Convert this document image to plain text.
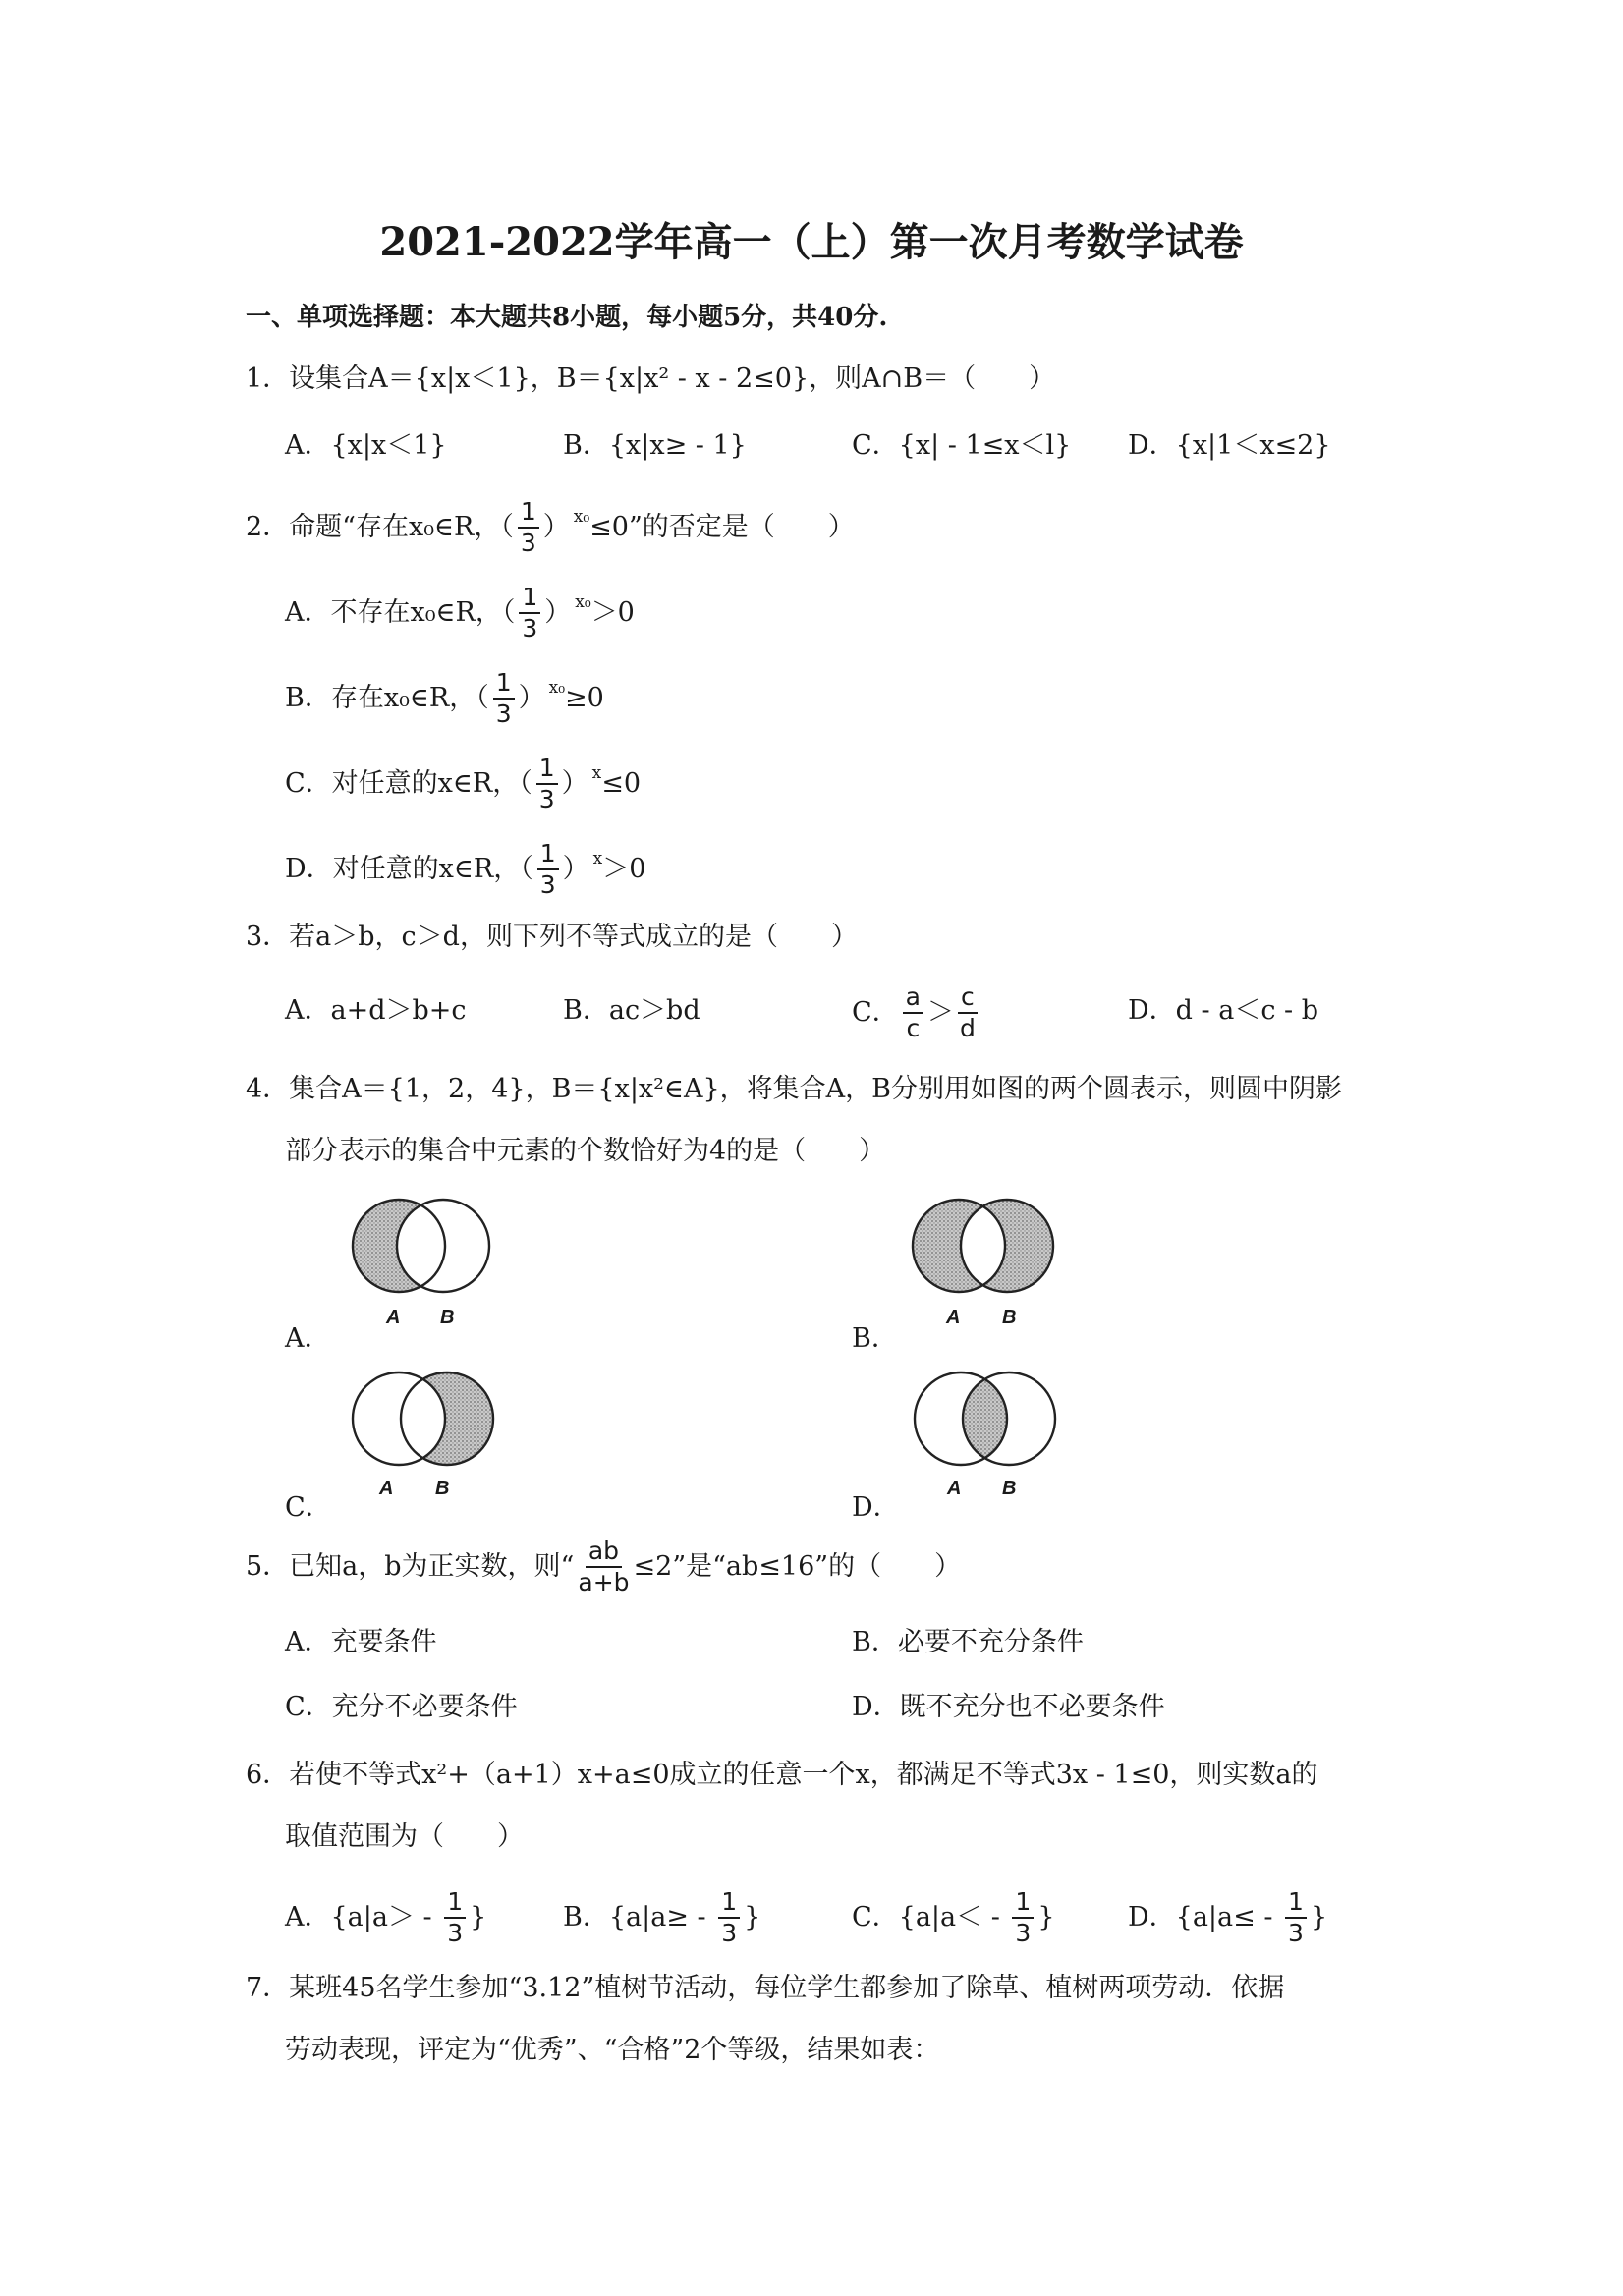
2021-2022学年高一（上）第一次月考数学试卷
一、单项选择题：本大题共8小题，每小题5分，共40分.
1．设集合A＝{x|x＜1}，B＝{x|x² - x - 2≤0}，则A∩B＝（　　）
A．{x|x＜1}	B．{x|x≥ - 1}	C．{x| - 1≤x＜l} D．{x|1＜x≤2}
2．命题“存在x₀∈R，（ $\frac{1}{3}$ ） $^{x_0}$≤0”的否定是（　　）
A．不存在x₀∈R，（ $\frac{1}{3}$ ） $^{x_0}$＞0
B．存在x₀∈R，（ $\frac{1}{3}$ ） $^{x_0}$≥0
C．对任意的x∈R，（ $\frac{1}{3}$ ） $^x$≤0
D．对任意的x∈R，（ $\frac{1}{3}$ ） $^x$＞0
3．若a＞b，c＞d，则下列不等式成立的是（　　）
A．a+d＞b+c	B．ac＞bd	C． $\frac{a}{c} > \frac{c}{d}$	D．d - a＜c - b
4．集合A＝{1，2，4}，B＝{x|x²∈A}，将集合A，B分别用如图的两个圆表示，则圆中阴影
部分表示的集合中元素的个数恰好为4的是（　　）
A．
A B
B．
A B
C．
A B
D．
A B
5．已知a，b为正实数，则“ $\frac{ab}{a+b} \le 2$”是“ab≤16”的（　　）
A．充要条件	B．必要不充分条件
C．充分不必要条件	D．既不充分也不必要条件
6．若使不等式x²+（a+1）x+a≤0成立的任意一个x，都满足不等式3x - 1≤0，则实数a的
取值范围为（　　）
A．{$a|a> - \frac{1}{3}$ }	B．{$a|a\ge - \frac{1}{3}$ }	C．{$a|a< - \frac{1}{3}$ }	D．{$a|a\le - \frac{1}{3}$ }
7．某班45名学生参加“3.12”植树节活动，每位学生都参加了除草、植树两项劳动．依据
劳动表现，评定为“优秀”、“合格”2个等级，结果如表：
